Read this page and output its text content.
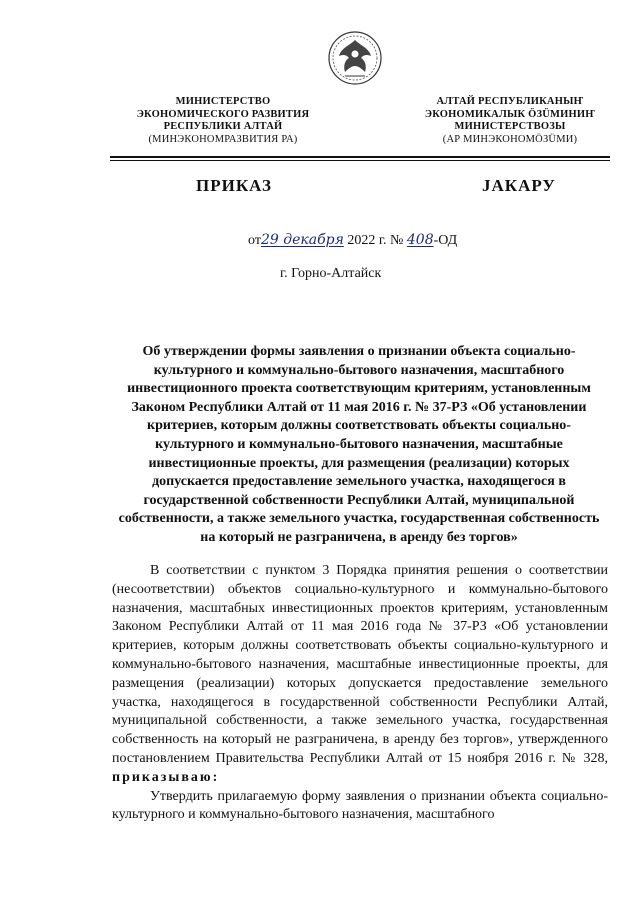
МИНИСТЕРСТВО
ЭКОНОМИЧЕСКОГО РАЗВИТИЯ
РЕСПУБЛИКИ АЛТАЙ
(МИНЭКОНОМРАЗВИТИЯ РА)
АЛТАЙ РЕСПУБЛИКАНЫҤ
ЭКОНОМИКАЛЫК ÖЗÜМИНИҤ
МИНИСТЕРСТВОЗЫ
(АР МИНЭКОНОМÖЗÜМИ)
ПРИКАЗ	JАКАРУ
от29 декабря 2022 г. № 408-ОД
г. Горно-Алтайск
Об утверждении формы заявления о признании объекта социально-культурного и коммунально-бытового назначения, масштабного инвестиционного проекта соответствующим критериям, установленным Законом Республики Алтай от 11 мая 2016 г. № 37-РЗ «Об установлении критериев, которым должны соответствовать объекты социально-культурного и коммунально-бытового назначения, масштабные инвестиционные проекты, для размещения (реализации) которых допускается предоставление земельного участка, находящегося в государственной собственности Республики Алтай, муниципальной собственности, а также земельного участка, государственная собственность на который не разграничена, в аренду без торгов»

В соответствии с пунктом 3 Порядка принятия решения о соответствии (несоответствии) объектов социально-культурного и коммунально-бытового назначения, масштабных инвестиционных проектов критериям, установленным Законом Республики Алтай от 11 мая 2016 года № 37-РЗ «Об установлении критериев, которым должны соответствовать объекты социально-культурного и коммунально-бытового назначения, масштабные инвестиционные проекты, для размещения (реализации) которых допускается предоставление земельного участка, находящегося в государственной собственности Республики Алтай, муниципальной собственности, а также земельного участка, государственная собственность на который не разграничена, в аренду без торгов», утвержденного постановлением Правительства Республики Алтай от 15 ноября 2016 г. № 328, приказываю:

Утвердить прилагаемую форму заявления о признании объекта социально-культурного и коммунально-бытового назначения, масштабного
